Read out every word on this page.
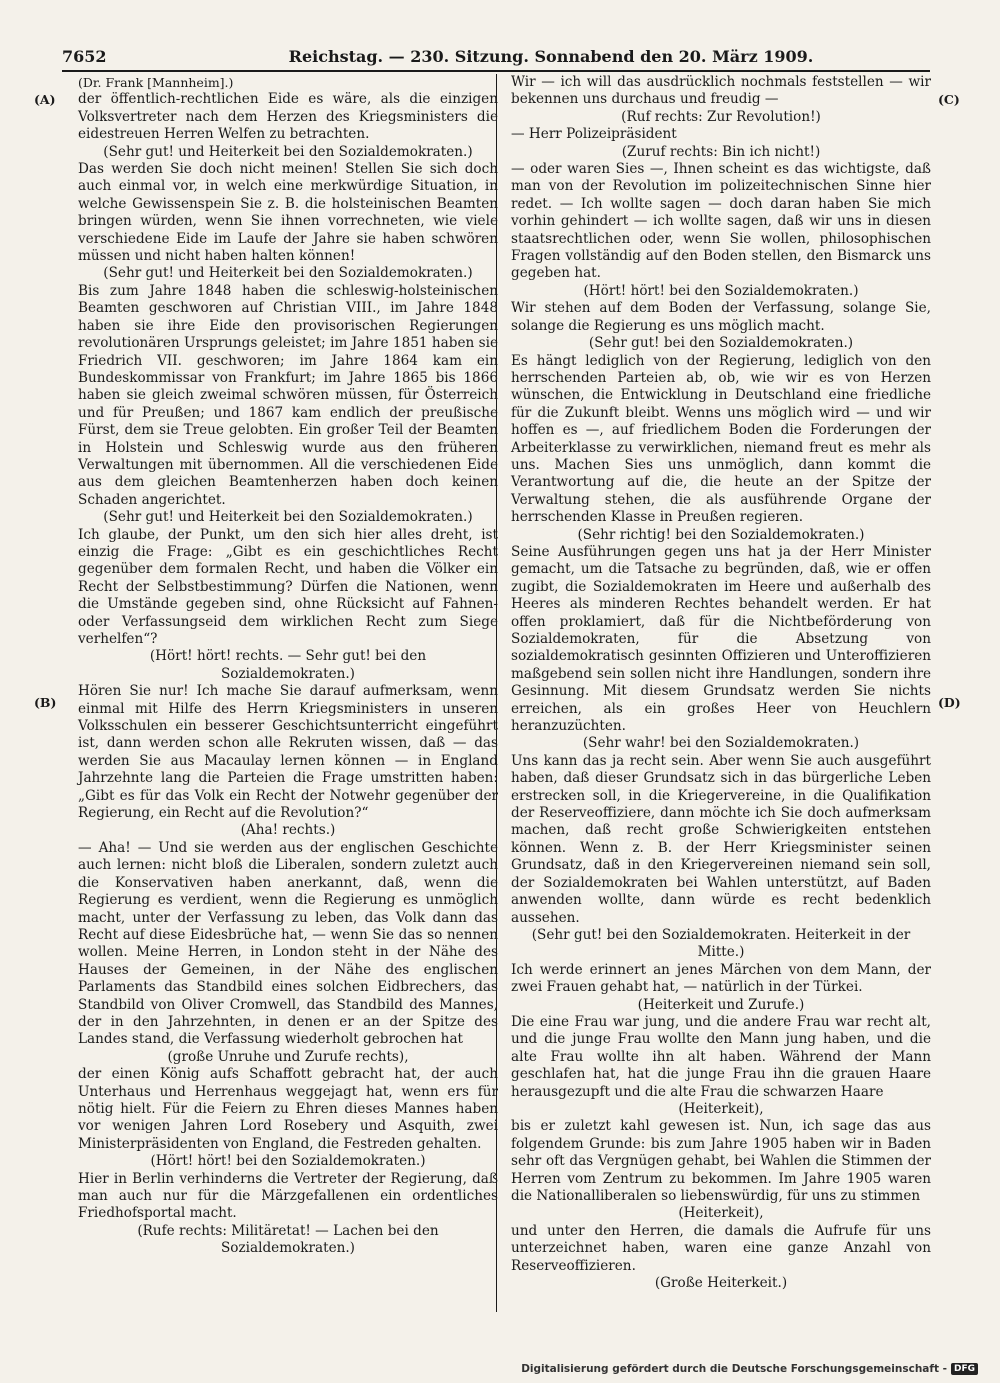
7652	Reichstag. — 230. Sitzung. Sonnabend den 20. März 1909.
(A)
(B)
(C)
(D)

(Dr. Frank [Mannheim].)

der öffentlich-rechtlichen Eide es wäre, als die einzigen Volksvertreter nach dem Herzen des Kriegsministers die eidestreuen Herren Welfen zu betrachten.

(Sehr gut! und Heiterkeit bei den Sozialdemokraten.)

Das werden Sie doch nicht meinen! Stellen Sie sich doch auch einmal vor, in welch eine merkwürdige Situation, in welche Gewissenspein Sie z. B. die holsteinischen Beamten bringen würden, wenn Sie ihnen vorrechneten, wie viele verschiedene Eide im Laufe der Jahre sie haben schwören müssen und nicht haben halten können!

(Sehr gut! und Heiterkeit bei den Sozialdemokraten.)

Bis zum Jahre 1848 haben die schleswig-holsteinischen Beamten geschworen auf Christian VIII., im Jahre 1848 haben sie ihre Eide den provisorischen Regierungen revolutionären Ursprungs geleistet; im Jahre 1851 haben sie Friedrich VII. geschworen; im Jahre 1864 kam ein Bundeskommissar von Frankfurt; im Jahre 1865 bis 1866 haben sie gleich zweimal schwören müssen, für Österreich und für Preußen; und 1867 kam endlich der preußische Fürst, dem sie Treue gelobten. Ein großer Teil der Beamten in Holstein und Schleswig wurde aus den früheren Verwaltungen mit übernommen. All die verschiedenen Eide aus dem gleichen Beamtenherzen haben doch keinen Schaden angerichtet.

(Sehr gut! und Heiterkeit bei den Sozialdemokraten.)

Ich glaube, der Punkt, um den sich hier alles dreht, ist einzig die Frage: „Gibt es ein geschichtliches Recht gegenüber dem formalen Recht, und haben die Völker ein Recht der Selbstbestimmung? Dürfen die Nationen, wenn die Umstände gegeben sind, ohne Rücksicht auf Fahnen- oder Verfassungseid dem wirklichen Recht zum Siege verhelfen“?

(Hört! hört! rechts. — Sehr gut! bei den Sozialdemokraten.)

Hören Sie nur! Ich mache Sie darauf aufmerksam, wenn einmal mit Hilfe des Herrn Kriegsministers in unseren Volksschulen ein besserer Geschichtsunterricht eingeführt ist, dann werden schon alle Rekruten wissen, daß — das werden Sie aus Macaulay lernen können — in England Jahrzehnte lang die Parteien die Frage umstritten haben: „Gibt es für das Volk ein Recht der Notwehr gegenüber der Regierung, ein Recht auf die Revolution?“

(Aha! rechts.)

— Aha! — Und sie werden aus der englischen Geschichte auch lernen: nicht bloß die Liberalen, sondern zuletzt auch die Konservativen haben anerkannt, daß, wenn die Regierung es verdient, wenn die Regierung es unmöglich macht, unter der Verfassung zu leben, das Volk dann das Recht auf diese Eidesbrüche hat, — wenn Sie das so nennen wollen. Meine Herren, in London steht in der Nähe des Hauses der Gemeinen, in der Nähe des englischen Parlaments das Standbild eines solchen Eidbrechers, das Standbild von Oliver Cromwell, das Standbild des Mannes, der in den Jahrzehnten, in denen er an der Spitze des Landes stand, die Verfassung wiederholt gebrochen hat

(große Unruhe und Zurufe rechts),

der einen König aufs Schaffott gebracht hat, der auch Unterhaus und Herrenhaus weggejagt hat, wenn ers für nötig hielt. Für die Feiern zu Ehren dieses Mannes haben vor wenigen Jahren Lord Rosebery und Asquith, zwei Ministerpräsidenten von England, die Festreden gehalten.

(Hört! hört! bei den Sozialdemokraten.)

Hier in Berlin verhinderns die Vertreter der Regierung, daß man auch nur für die Märzgefallenen ein ordentliches Friedhofsportal macht.

(Rufe rechts: Militäretat! — Lachen bei den Sozialdemokraten.)

Wir — ich will das ausdrücklich nochmals feststellen — wir bekennen uns durchaus und freudig —

(Ruf rechts: Zur Revolution!)

— Herr Polizeipräsident

(Zuruf rechts: Bin ich nicht!)

— oder waren Sies —, Ihnen scheint es das wichtigste, daß man von der Revolution im polizeitechnischen Sinne hier redet. — Ich wollte sagen — doch daran haben Sie mich vorhin gehindert — ich wollte sagen, daß wir uns in diesen staatsrechtlichen oder, wenn Sie wollen, philosophischen Fragen vollständig auf den Boden stellen, den Bismarck uns gegeben hat.

(Hört! hört! bei den Sozialdemokraten.)

Wir stehen auf dem Boden der Verfassung, solange Sie, solange die Regierung es uns möglich macht.

(Sehr gut! bei den Sozialdemokraten.)

Es hängt lediglich von der Regierung, lediglich von den herrschenden Parteien ab, ob, wie wir es von Herzen wünschen, die Entwicklung in Deutschland eine friedliche für die Zukunft bleibt. Wenns uns möglich wird — und wir hoffen es —, auf friedlichem Boden die Forderungen der Arbeiterklasse zu verwirklichen, niemand freut es mehr als uns. Machen Sies uns unmöglich, dann kommt die Verantwortung auf die, die heute an der Spitze der Verwaltung stehen, die als ausführende Organe der herrschenden Klasse in Preußen regieren.

(Sehr richtig! bei den Sozialdemokraten.)

Seine Ausführungen gegen uns hat ja der Herr Minister gemacht, um die Tatsache zu begründen, daß, wie er offen zugibt, die Sozialdemokraten im Heere und außerhalb des Heeres als minderen Rechtes behandelt werden. Er hat offen proklamiert, daß für die Nichtbeförderung von Sozialdemokraten, für die Absetzung von sozialdemokratisch gesinnten Offizieren und Unteroffizieren maßgebend sein sollen nicht ihre Handlungen, sondern ihre Gesinnung. Mit diesem Grundsatz werden Sie nichts erreichen, als ein großes Heer von Heuchlern heranzuzüchten.

(Sehr wahr! bei den Sozialdemokraten.)

Uns kann das ja recht sein. Aber wenn Sie auch ausgeführt haben, daß dieser Grundsatz sich in das bürgerliche Leben erstrecken soll, in die Kriegervereine, in die Qualifikation der Reserveoffiziere, dann möchte ich Sie doch aufmerksam machen, daß recht große Schwierigkeiten entstehen können. Wenn z. B. der Herr Kriegsminister seinen Grundsatz, daß in den Kriegervereinen niemand sein soll, der Sozialdemokraten bei Wahlen unterstützt, auf Baden anwenden wollte, dann würde es recht bedenklich aussehen.

(Sehr gut! bei den Sozialdemokraten. Heiterkeit in der Mitte.)

Ich werde erinnert an jenes Märchen von dem Mann, der zwei Frauen gehabt hat, — natürlich in der Türkei.

(Heiterkeit und Zurufe.)

Die eine Frau war jung, und die andere Frau war recht alt, und die junge Frau wollte den Mann jung haben, und die alte Frau wollte ihn alt haben. Während der Mann geschlafen hat, hat die junge Frau ihn die grauen Haare herausgezupft und die alte Frau die schwarzen Haare

(Heiterkeit),

bis er zuletzt kahl gewesen ist. Nun, ich sage das aus folgendem Grunde: bis zum Jahre 1905 haben wir in Baden sehr oft das Vergnügen gehabt, bei Wahlen die Stimmen der Herren vom Zentrum zu bekommen. Im Jahre 1905 waren die Nationalliberalen so liebenswürdig, für uns zu stimmen

(Heiterkeit),

und unter den Herren, die damals die Aufrufe für uns unterzeichnet haben, waren eine ganze Anzahl von Reserveoffizieren.

(Große Heiterkeit.)

Digitalisierung gefördert durch die Deutsche Forschungsgemeinschaft - DFG
